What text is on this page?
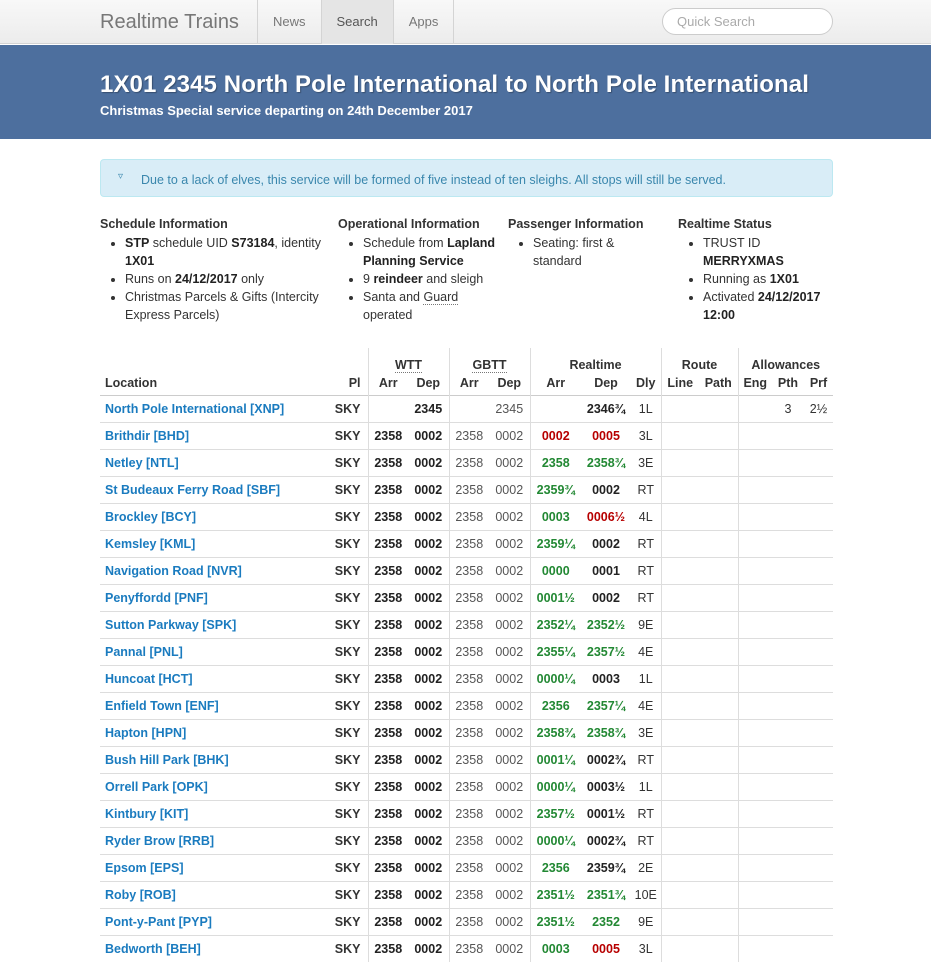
Realtime Trains	News	Search	Apps
Quick Search
1X01 2345 North Pole International to North Pole International

Christmas Special service departing on 24th December 2017

▿ Due to a lack of elves, this service will be formed of five instead of ten sleighs. All stops will still be served.
Schedule Information
• STP schedule UID S73184, identity 1X01
• Runs on 24/12/2017 only
• Christmas Parcels & Gifts (Intercity Express Parcels)
Operational Information
• Schedule from Lapland Planning Service
• 9 reindeer and sleigh
• Santa and Guard operated
Passenger Information
• Seating: first & standard
Realtime Status
• TRUST ID MERRYXMAS
• Running as 1X01
• Activated 24/12/2017
12:00
		WTT		GBTT		Realtime			Route		Allowances		
Location	Pl	Arr	Dep	Arr	Dep	Arr	Dep	Dly	Line	Path	Eng	Pth	Prf
North Pole International [XNP]	SKY		2345		2345		2346¾	1L				3	2½
Brithdir [BHD]	SKY	2358	0002	2358	0002	0002	0005	3L					
Netley [NTL]	SKY	2358	0002	2358	0002	2358	2358¾	3E					
St Budeaux Ferry Road [SBF]	SKY	2358	0002	2358	0002	2359¾	0002	RT					
Brockley [BCY]	SKY	2358	0002	2358	0002	0003	0006½	4L					
Kemsley [KML]	SKY	2358	0002	2358	0002	2359¼	0002	RT					
Navigation Road [NVR]	SKY	2358	0002	2358	0002	0000	0001	RT					
Penyffordd [PNF]	SKY	2358	0002	2358	0002	0001½	0002	RT					
Sutton Parkway [SPK]	SKY	2358	0002	2358	0002	2352¼	2352½	9E					
Pannal [PNL]	SKY	2358	0002	2358	0002	2355¼	2357½	4E					
Huncoat [HCT]	SKY	2358	0002	2358	0002	0000¼	0003	1L					
Enfield Town [ENF]	SKY	2358	0002	2358	0002	2356	2357¼	4E					
Hapton [HPN]	SKY	2358	0002	2358	0002	2358¾	2358¾	3E					
Bush Hill Park [BHK]	SKY	2358	0002	2358	0002	0001¼	0002¾	RT					
Orrell Park [OPK]	SKY	2358	0002	2358	0002	0000¼	0003½	1L					
Kintbury [KIT]	SKY	2358	0002	2358	0002	2357½	0001½	RT					
Ryder Brow [RRB]	SKY	2358	0002	2358	0002	0000¼	0002¾	RT					
Epsom [EPS]	SKY	2358	0002	2358	0002	2356	2359¾	2E					
Roby [ROB]	SKY	2358	0002	2358	0002	2351½	2351¾	10E					
Pont-y-Pant [PYP]	SKY	2358	0002	2358	0002	2351½	2352	9E					
Bedworth [BEH]	SKY	2358	0002	2358	0002	0003	0005	3L					
